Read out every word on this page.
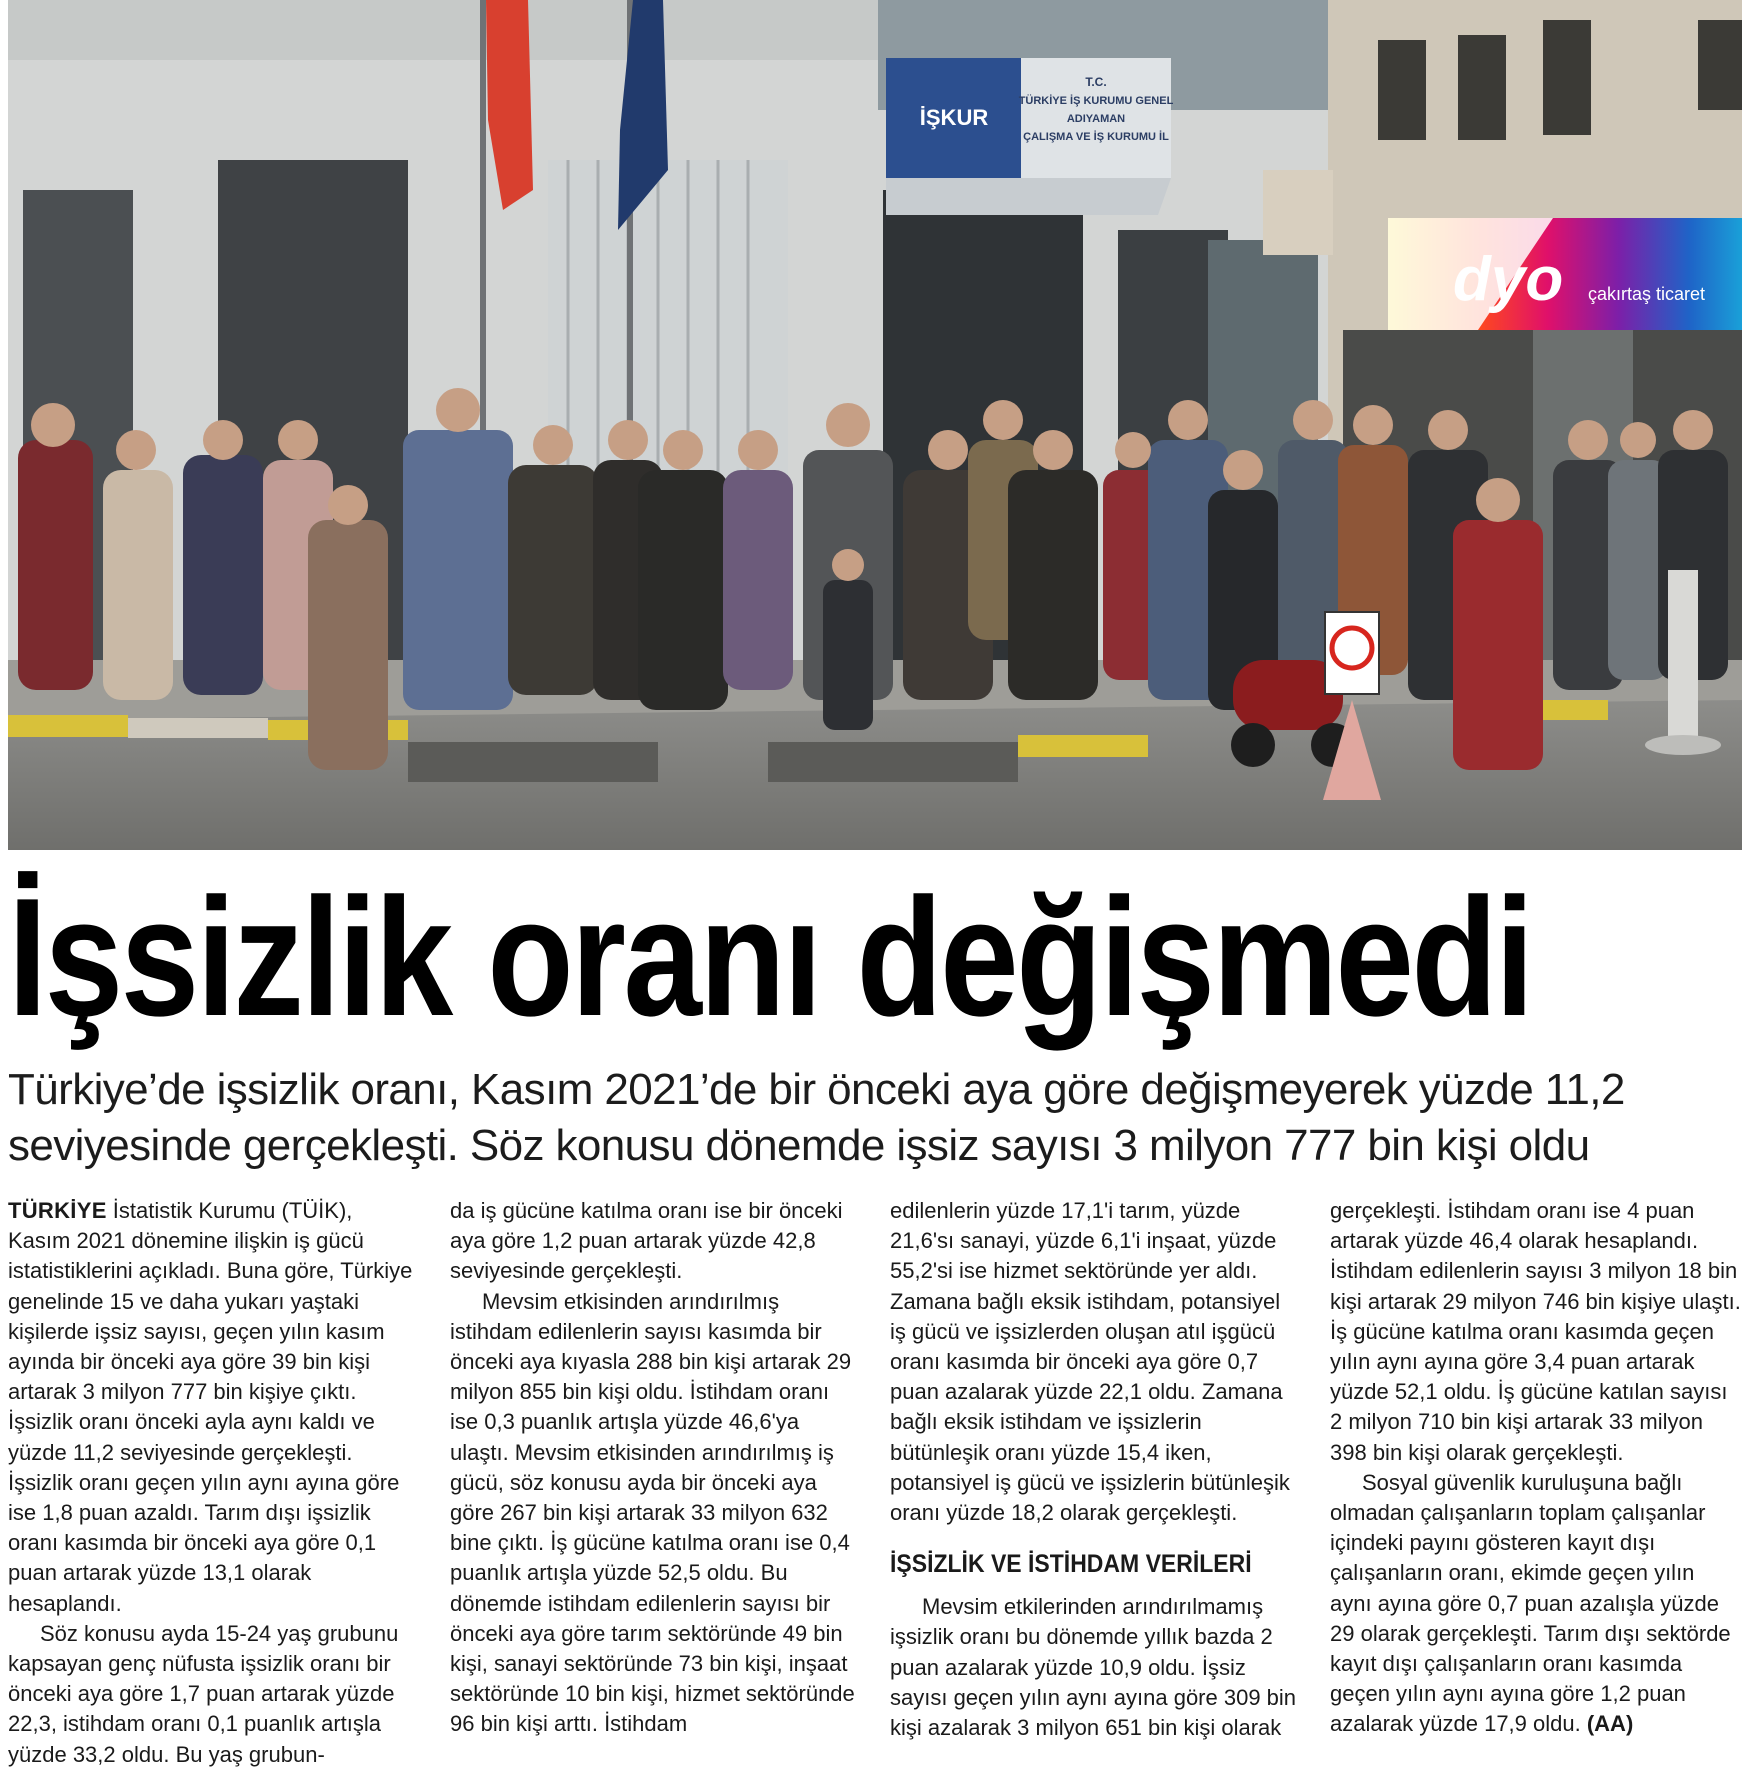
İŞKUR
T.C.
TÜRKİYE İŞ KURUMU GENEL
ADIYAMAN
ÇALIŞMA VE İŞ KURUMU İL
dyo çakırtaş ticaret
İşsizlik oranı değişmedi

Türkiye’de işsizlik oranı, Kasım 2021’de bir önceki aya göre değişmeyerek yüzde 11,2 seviyesinde gerçekleşti. Söz konusu dönemde işsiz sayısı 3 milyon 777 bin kişi oldu

TÜRKİYE İstatistik Kurumu (TÜİK), Kasım 2021 dönemine ilişkin iş gücü istatistiklerini açıkladı. Buna göre, Türkiye genelinde 15 ve daha yukarı yaştaki kişilerde işsiz sayısı, geçen yılın kasım ayında bir önceki aya göre 39 bin kişi artarak 3 milyon 777 bin kişiye çıktı. İşsizlik oranı önceki ayla aynı kaldı ve yüzde 11,2 seviyesinde gerçekleşti. İşsizlik oranı geçen yılın aynı ayına göre ise 1,8 puan azaldı. Tarım dışı işsizlik oranı kasımda bir önceki aya göre 0,1 puan artarak yüzde 13,1 olarak hesaplandı.

Söz konusu ayda 15-24 yaş grubunu kapsayan genç nüfusta işsizlik oranı bir önceki aya göre 1,7 puan artarak yüzde 22,3, istihdam oranı 0,1 puanlık artışla yüzde 33,2 oldu. Bu yaş grubun-

da iş gücüne katılma oranı ise bir önceki aya göre 1,2 puan artarak yüzde 42,8 seviyesinde gerçekleşti.

Mevsim etkisinden arındırılmış istihdam edilenlerin sayısı kasımda bir önceki aya kıyasla 288 bin kişi artarak 29 milyon 855 bin kişi oldu. İstihdam oranı ise 0,3 puanlık artışla yüzde 46,6'ya ulaştı. Mevsim etkisinden arındırılmış iş gücü, söz konusu ayda bir önceki aya göre 267 bin kişi artarak 33 milyon 632 bine çıktı. İş gücüne katılma oranı ise 0,4 puanlık artışla yüzde 52,5 oldu. Bu dönemde istihdam edilenlerin sayısı bir önceki aya göre tarım sektöründe 49 bin kişi, sanayi sektöründe 73 bin kişi, inşaat sektöründe 10 bin kişi, hizmet sektöründe 96 bin kişi arttı. İstihdam

edilenlerin yüzde 17,1'i tarım, yüzde 21,6'sı sanayi, yüzde 6,1'i inşaat, yüzde 55,2'si ise hizmet sektöründe yer aldı. Zamana bağlı eksik istihdam, potansiyel iş gücü ve işsizlerden oluşan atıl işgücü oranı kasımda bir önceki aya göre 0,7 puan azalarak yüzde 22,1 oldu. Zamana bağlı eksik istihdam ve işsizlerin bütünleşik oranı yüzde 15,4 iken, potansiyel iş gücü ve işsizlerin bütünleşik oranı yüzde 18,2 olarak gerçekleşti.

İŞSİZLİK VE İSTİHDAM VERİLERİ

Mevsim etkilerinden arındırılmamış işsizlik oranı bu dönemde yıllık bazda 2 puan azalarak yüzde 10,9 oldu. İşsiz sayısı geçen yılın aynı ayına göre 309 bin kişi azalarak 3 milyon 651 bin kişi olarak

gerçekleşti. İstihdam oranı ise 4 puan artarak yüzde 46,4 olarak hesaplandı. İstihdam edilenlerin sayısı 3 milyon 18 bin kişi artarak 29 milyon 746 bin kişiye ulaştı. İş gücüne katılma oranı kasımda geçen yılın aynı ayına göre 3,4 puan artarak yüzde 52,1 oldu. İş gücüne katılan sayısı 2 milyon 710 bin kişi artarak 33 milyon 398 bin kişi olarak gerçekleşti.

Sosyal güvenlik kuruluşuna bağlı olmadan çalışanların toplam çalışanlar içindeki payını gösteren kayıt dışı çalışanların oranı, ekimde geçen yılın aynı ayına göre 0,7 puan azalışla yüzde 29 olarak gerçekleşti. Tarım dışı sektörde kayıt dışı çalışanların oranı kasımda geçen yılın aynı ayına göre 1,2 puan azalarak yüzde 17,9 oldu. (AA)
